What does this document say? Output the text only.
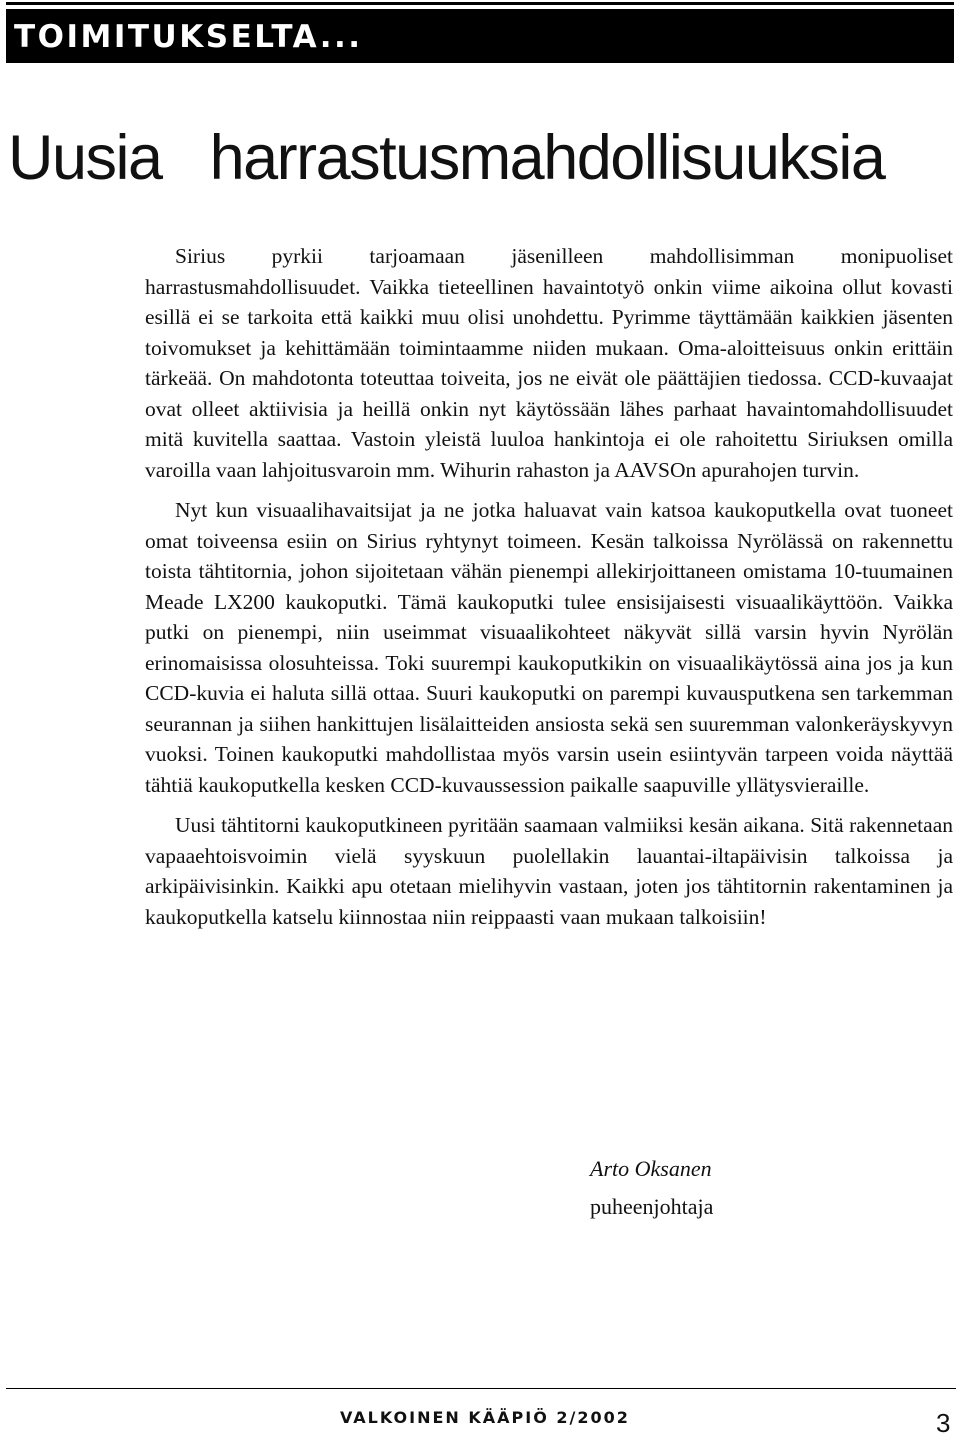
TOIMITUKSELTA...
Uusia   harrastusmahdollisuuksia

Sirius pyrkii tarjoamaan jäsenilleen mahdollisimman monipuoliset harrastusmahdollisuudet. Vaikka tieteellinen havaintotyö onkin viime aikoina ollut kovasti esillä ei se tarkoita että kaikki muu olisi unohdettu. Pyrimme täyttämään kaikkien jäsenten toivomukset ja kehittämään toimintaamme niiden mukaan. Oma-aloitteisuus onkin erittäin tärkeää. On mahdotonta toteuttaa toiveita, jos ne eivät ole päättäjien tiedossa. CCD-kuvaajat ovat olleet aktiivisia ja heillä onkin nyt käytössään lähes parhaat havaintomahdollisuudet mitä kuvitella saattaa. Vastoin yleistä luuloa hankintoja ei ole rahoitettu Siriuksen omilla varoilla vaan lahjoitusvaroin mm. Wihurin rahaston ja AAVSOn apurahojen turvin.

Nyt kun visuaalihavaitsijat ja ne jotka haluavat vain katsoa kaukoputkella ovat tuoneet omat toiveensa esiin on Sirius ryhtynyt toimeen. Kesän talkoissa Nyrölässä on rakennettu toista tähtitornia, johon sijoitetaan vähän pienempi allekirjoittaneen omistama 10-tuumainen Meade LX200 kaukoputki. Tämä kaukoputki tulee ensisijaisesti visuaalikäyttöön. Vaikka putki on pienempi, niin useimmat visuaalikohteet näkyvät sillä varsin hyvin Nyrölän erinomaisissa olosuhteissa. Toki suurempi kaukoputkikin on visuaalikäytössä aina jos ja kun CCD-kuvia ei haluta sillä ottaa. Suuri kaukoputki on parempi kuvausputkena sen tarkemman seurannan ja siihen hankittujen lisälaitteiden ansiosta sekä sen suuremman valonkeräyskyvyn vuoksi. Toinen kaukoputki mahdollistaa myös varsin usein esiintyvän tarpeen voida näyttää tähtiä kaukoputkella kesken CCD-kuvaussession paikalle saapuville yllätysvieraille.

Uusi tähtitorni kaukoputkineen pyritään saamaan valmiiksi kesän aikana. Sitä rakennetaan vapaaehtoisvoimin vielä syyskuun puolellakin lauantai-iltapäivisin talkoissa ja arkipäivisinkin. Kaikki apu otetaan mielihyvin vastaan, joten jos tähtitornin rakentaminen ja kaukoputkella katselu kiinnostaa niin reippaasti vaan mukaan talkoisiin!

Arto Oksanen
puheenjohtaja
VALKOINEN KÄÄPIÖ 2/2002	3
